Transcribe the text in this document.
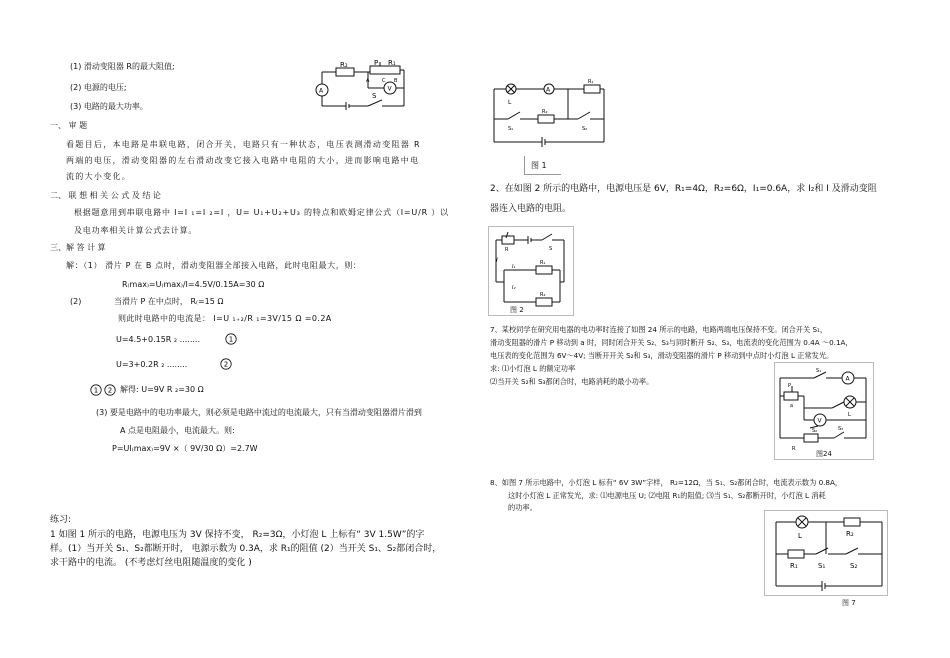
(1) 滑动变阻器 R的最大阻值;
(2) 电源的电压;
(3) 电路的最大功率。
R₂	P R₁
A	C B
A	V
S
一、 审 题
看题目后，本电路是串联电路，闭合开关，电路只有一种状态，电压表测滑动变阻器 R
两端的电压，滑动变阻器的左右滑动改变它接入电路中电阻的大小，进而影响电路中电
流的大小变化。
二、 联 想 相 关 公 式 及 结 论
根据题意用到串联电路中 I=I ₁=I ₂=I ，U= U₁+U₂+U₃ 的特点和欧姆定律公式（I=U/R ）以
及电功率相关计算公式去计算。
三、解 答 计 算
解：（1） 滑片 P 在 B 点时，滑动变阻器全部接入电路，此时电阻最大，则：
R₍max₎=U₍max₎/I=4.5V/0.15A=30 Ω
(2)	当滑片 P 在中点时， R₍=15 Ω
则此时电路中的电流是： I=U ₁₊₂/R ₁=3V/15 Ω =0.2A
U=4.5+0.15R ₂ ........	1
U=3+0.2R ₂ ........	2
1 2 解得: U=9V R ₂=30 Ω
(3) 要是电路中的电功率最大，则必须是电路中流过的电流最大，只有当滑动变阻器滑片滑到
A 点是电阻最小，电流最大。则:
P=UI₍max₎=9V ×（ 9V/30 Ω）=2.7W
练习:
1 如图 1 所示的电路，电源电压为 3V 保持不变， R₂=3Ω，小灯泡 L 上标有“ 3V 1.5W”的字
样。(1）当开关 S₁、S₂都断开时， 电源示数为 0.3A，求 R₁的阻值 (2）当开关 S₁、S₂都闭合时，
求干路中的电流。 (不考虑灯丝电阻随温度的变化 )
L
A
R₁
R₂
S₁	S₂
图 1
2、在如图 2 所示的电路中，电源电压是 6V，R₁=4Ω，R₂=6Ω，I₁=0.6A，求 I₂和 I 及滑动变阻
器连入电路的电阻。
R	S
I
I₁
R₁
I₂
R₂
图 2
7、某校同学在研究用电器的电功率时连接了如图 24 所示的电路，电路两端电压保持不变。闭合开关 S₁，
滑动变阻器的滑片 P 移动到 a 时，同时闭合开关 S₂、S₃与同时断开 S₂、S₃，电流表的变化范围为 0.4A ～0.1A，
电压表的变化范围为 6V～4V; 当断开开关 S₂和 S₃，滑动变阻器的滑片 P 移动到中点时小灯泡 L 正常发光。
求: ⑴小灯泡 L 的额定功率
⑵当开关 S₂和 S₃都闭合时，电路消耗的最小功率。
S₁
A
P
a
L
V
S₂	S₃
R
图24
8、如图 7 所示电路中，小灯泡 L 标有“ 6V 3W”字样， R₂=12Ω，当 S₁、S₂都闭合时，电流表示数为 0.8A，
这时小灯泡 L 正常发光，求: ⑴电源电压 U; ⑵电阻 R₁的阻值; ⑶当 S₁、S₂都断开时，小灯泡 L 消耗
的功率。
L	R₂
R₁	S₁	S₂
图 7
